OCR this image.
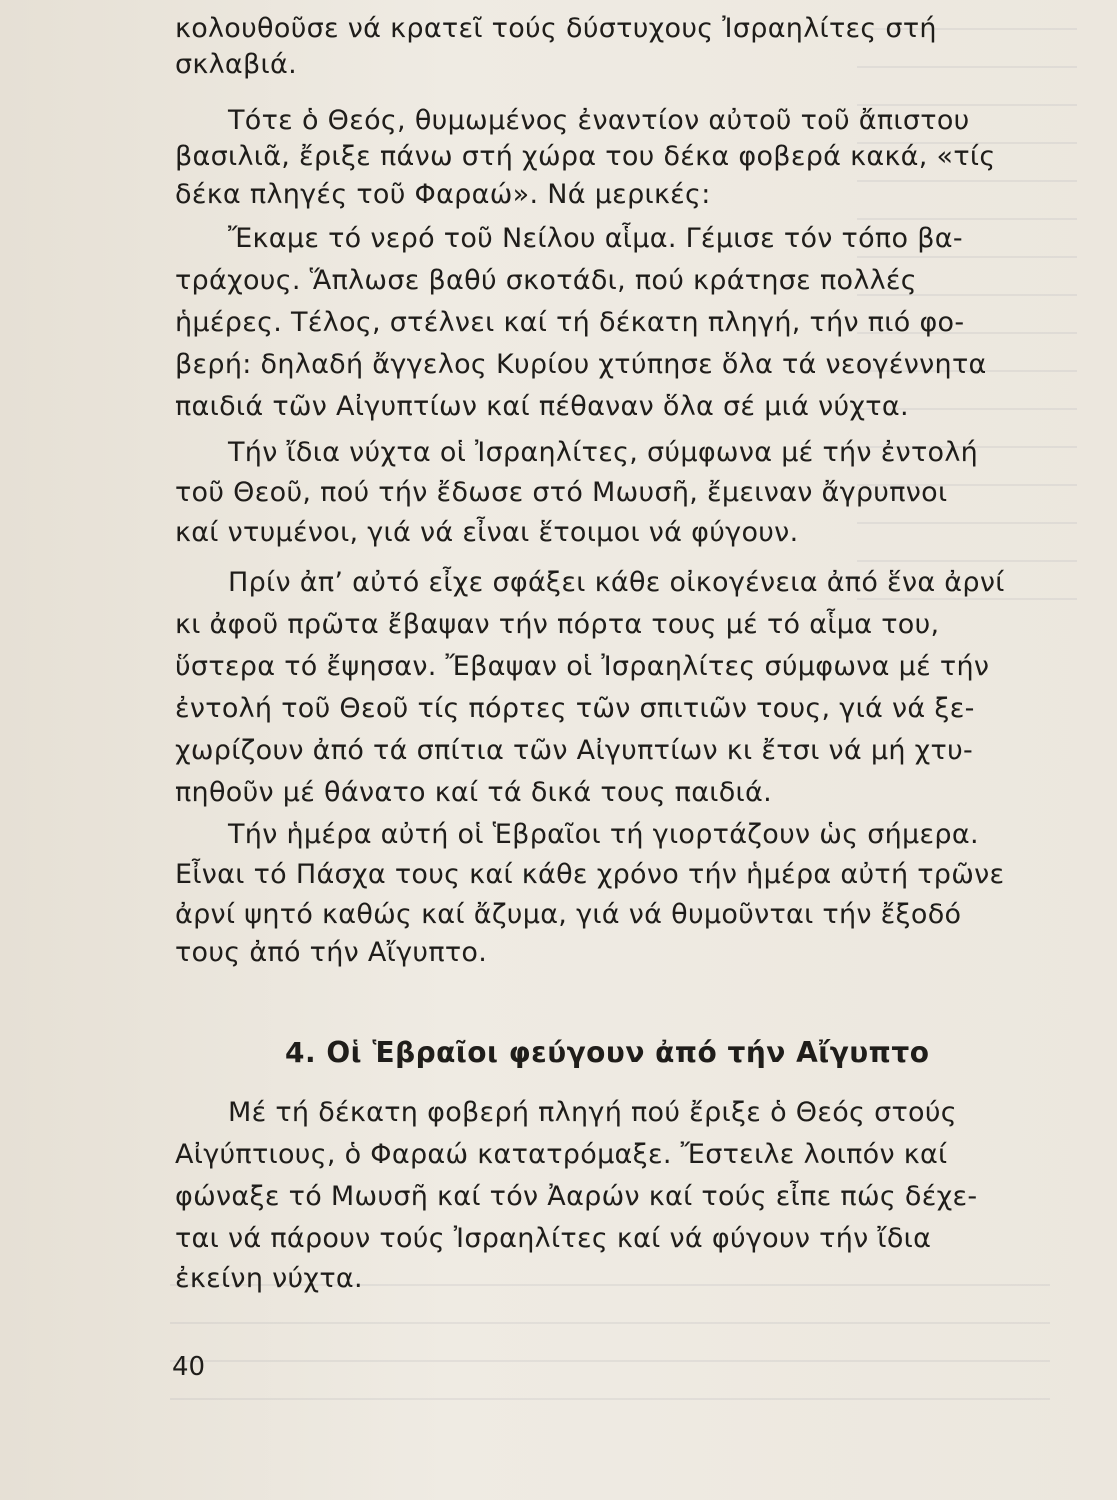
κολουθοῦσε νά κρατεῖ τούς δύστυχους Ἰσραηλίτες στή
σκλαβιά.
Τότε ὁ Θεός, θυμωμένος ἐναντίον αὐτοῦ τοῦ ἄπιστου
βασιλιᾶ, ἔριξε πάνω στή χώρα του δέκα φοβερά κακά, «τίς
δέκα πληγές τοῦ Φαραώ». Νά μερικές:
Ἔκαμε τό νερό τοῦ Νείλου αἷμα. Γέμισε τόν τόπο βα-
τράχους. Ἅπλωσε βαθύ σκοτάδι, πού κράτησε πολλές
ἡμέρες. Τέλος, στέλνει καί τή δέκατη πληγή, τήν πιό φο-
βερή: δηλαδή ἄγγελος Κυρίου χτύπησε ὅλα τά νεογέννητα
παιδιά τῶν Αἰγυπτίων καί πέθαναν ὅλα σέ μιά νύχτα.
Τήν ἴδια νύχτα οἱ Ἰσραηλίτες, σύμφωνα μέ τήν ἐντολή
τοῦ Θεοῦ, πού τήν ἔδωσε στό Μωυσῆ, ἔμειναν ἄγρυπνοι
καί ντυμένοι, γιά νά εἶναι ἕτοιμοι νά φύγουν.
Πρίν ἀπ’ αὐτό εἶχε σφάξει κάθε οἰκογένεια ἀπό ἕνα ἀρνί
κι ἀφοῦ πρῶτα ἔβαψαν τήν πόρτα τους μέ τό αἷμα του,
ὕστερα τό ἔψησαν. Ἔβαψαν οἱ Ἰσραηλίτες σύμφωνα μέ τήν
ἐντολή τοῦ Θεοῦ τίς πόρτες τῶν σπιτιῶν τους, γιά νά ξε-
χωρίζουν ἀπό τά σπίτια τῶν Αἰγυπτίων κι ἔτσι νά μή χτυ-
πηθοῦν μέ θάνατο καί τά δικά τους παιδιά.
Τήν ἡμέρα αὐτή οἱ Ἑβραῖοι τή γιορτάζουν ὡς σήμερα.
Εἶναι τό Πάσχα τους καί κάθε χρόνο τήν ἡμέρα αὐτή τρῶνε
ἀρνί ψητό καθώς καί ἄζυμα, γιά νά θυμοῦνται τήν ἔξοδό
τους ἀπό τήν Αἴγυπτο.
4. Οἱ Ἑβραῖοι φεύγουν ἀπό τήν Αἴγυπτο
Μέ τή δέκατη φοβερή πληγή πού ἔριξε ὁ Θεός στούς
Αἰγύπτιους, ὁ Φαραώ κατατρόμαξε. Ἔστειλε λοιπόν καί
φώναξε τό Μωυσῆ καί τόν Ἀαρών καί τούς εἶπε πώς δέχε-
ται νά πάρουν τούς Ἰσραηλίτες καί νά φύγουν τήν ἴδια
ἐκείνη νύχτα.
40
